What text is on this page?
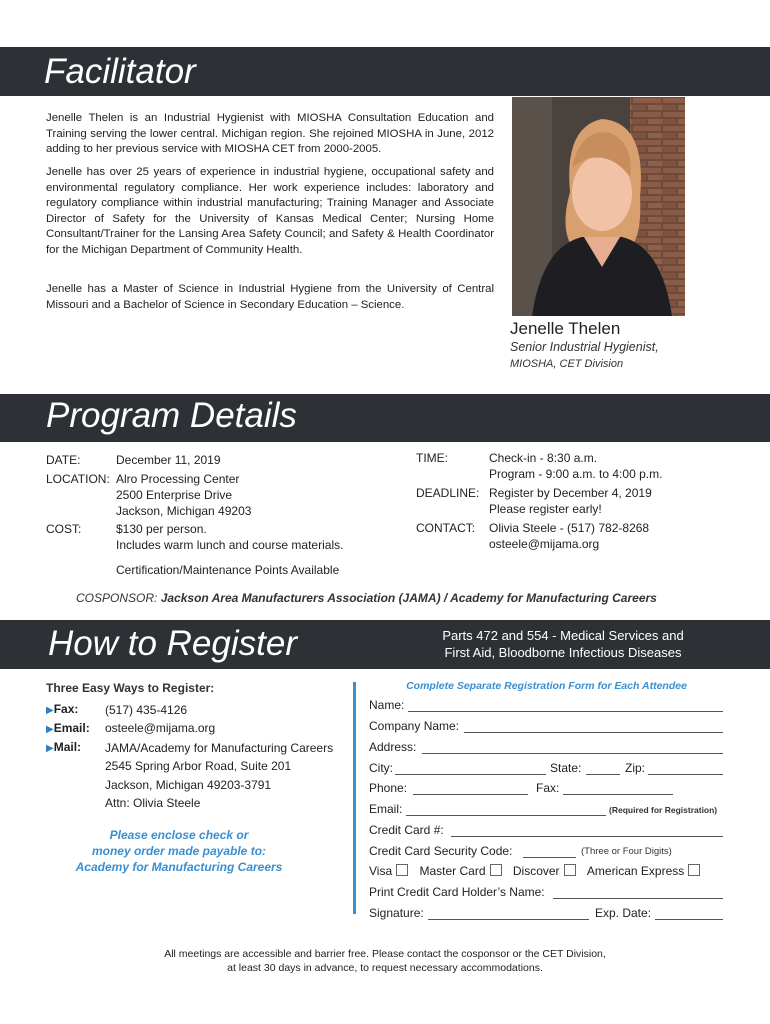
Facilitator

Jenelle Thelen is an Industrial Hygienist with MIOSHA Consultation Education and Training serving the lower central. Michigan region. She rejoined MIOSHA in June, 2012 adding to her previous service with MIOSHA CET from 2000-2005.

Jenelle has over 25 years of experience in industrial hygiene, occupational safety and environmental regulatory compliance. Her work experience includes: laboratory and regulatory compliance within industrial manufacturing; Training Manager and Associate Director of Safety for the University of Kansas Medical Center; Nursing Home Consultant/Trainer for the Lansing Area Safety Council; and Safety & Health Coordinator for the Michigan Department of Community Health.

Jenelle has a Master of Science in Industrial Hygiene from the University of Central Missouri and a Bachelor of Science in Secondary Education – Science.

Jenelle Thelen
Senior Industrial Hygienist,
MIOSHA, CET Division
Program Details
DATE:	December 11, 2019
LOCATION: Alro Processing Center
2500 Enterprise Drive
Jackson, Michigan 49203
COST:	$130 per person.
Includes warm lunch and course materials.
Certification/Maintenance Points Available
TIME:	Check-in - 8:30 a.m.
Program - 9:00 a.m. to 4:00 p.m.
DEADLINE: Register by December 4, 2019
Please register early!
CONTACT: Olivia Steele - (517) 782-8268
osteele@mijama.org
COSPONSOR: Jackson Area Manufacturers Association (JAMA) / Academy for Manufacturing Careers
How to Register	Parts 472 and 554 - Medical Services and
First Aid, Bloodborne Infectious Diseases
Three Easy Ways to Register:
▶Fax: (517) 435-4126
▶Email: osteele@mijama.org
▶Mail: JAMA/Academy for Manufacturing Careers
2545 Spring Arbor Road, Suite 201
Jackson, Michigan 49203-3791
Attn: Olivia Steele
Please enclose check or
money order made payable to:
Academy for Manufacturing Careers
Complete Separate Registration Form for Each Attendee
Name:
Company Name:
Address:
City:	State:	Zip:
Phone:	Fax:
Email:	(Required for Registration)
Credit Card #:
Credit Card Security Code:	(Three or Four Digits)
Visa Master Card Discover American Express
Print Credit Card Holder’s Name:
Signature:	Exp. Date:
All meetings are accessible and barrier free. Please contact the cosponsor or the CET Division,
at least 30 days in advance, to request necessary accommodations.
